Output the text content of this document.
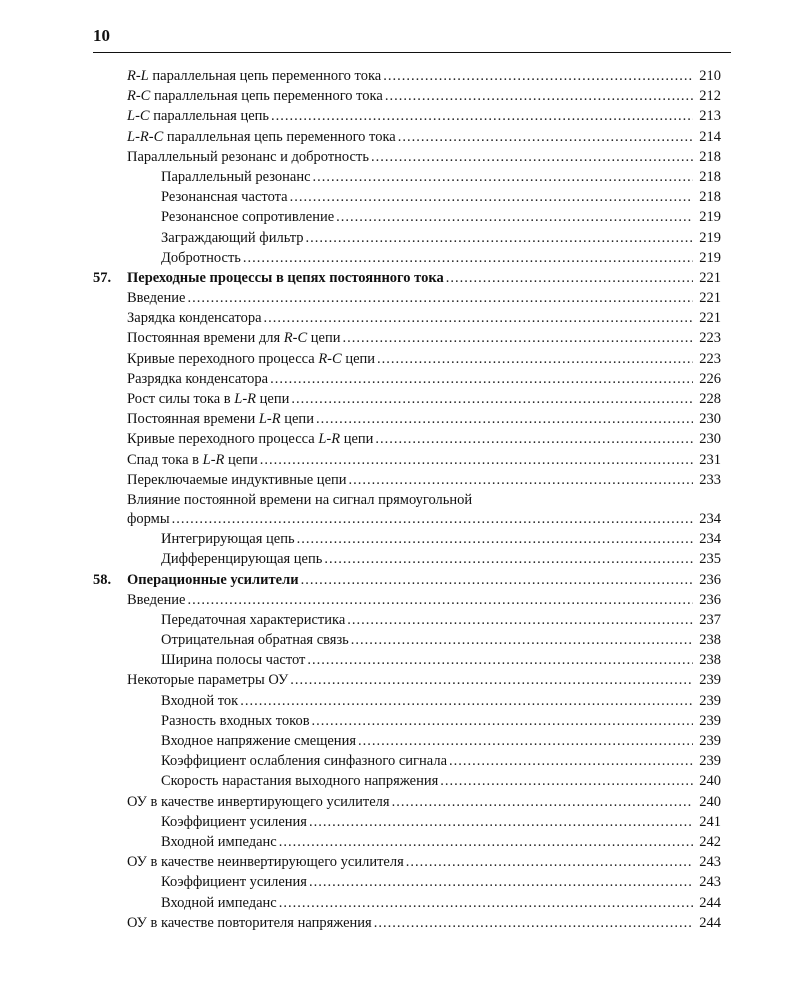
10
R-L параллельная цепь переменного тока .....	210
R-C параллельная цепь переменного тока .....	212
L-C параллельная цепь .....	213
L-R-C параллельная цепь переменного тока .....	214
Параллельный резонанс и добротность .....	218
Параллельный резонанс .....	218
Резонансная частота .....	218
Резонансное сопротивление .....	219
Заграждающий фильтр .....	219
Добротность .....	219
57. Переходные процессы в цепях постоянного тока .....	221
Введение .....	221
Зарядка конденсатора .....	221
Постоянная времени для R-C цепи .....	223
Кривые переходного процесса R-C цепи .....	223
Разрядка конденсатора .....	226
Рост силы тока в L-R цепи .....	228
Постоянная времени L-R цепи .....	230
Кривые переходного процесса L-R цепи .....	230
Спад тока в L-R цепи .....	231
Переключаемые индуктивные цепи .....	233
Влияние постоянной времени на сигнал прямоугольной
формы .....	234
Интегрирующая цепь .....	234
Дифференцирующая цепь .....	235
58. Операционные усилители .....	236
Введение .....	236
Передаточная характеристика .....	237
Отрицательная обратная связь .....	238
Ширина полосы частот .....	238
Некоторые параметры ОУ .....	239
Входной ток .....	239
Разность входных токов .....	239
Входное напряжение смещения .....	239
Коэффициент ослабления синфазного сигнала .....	239
Скорость нарастания выходного напряжения .....	240
ОУ в качестве инвертирующего усилителя .....	240
Коэффициент усиления .....	241
Входной импеданс .....	242
ОУ в качестве неинвертирующего усилителя .....	243
Коэффициент усиления .....	243
Входной импеданс .....	244
ОУ в качестве повторителя напряжения .....	244
